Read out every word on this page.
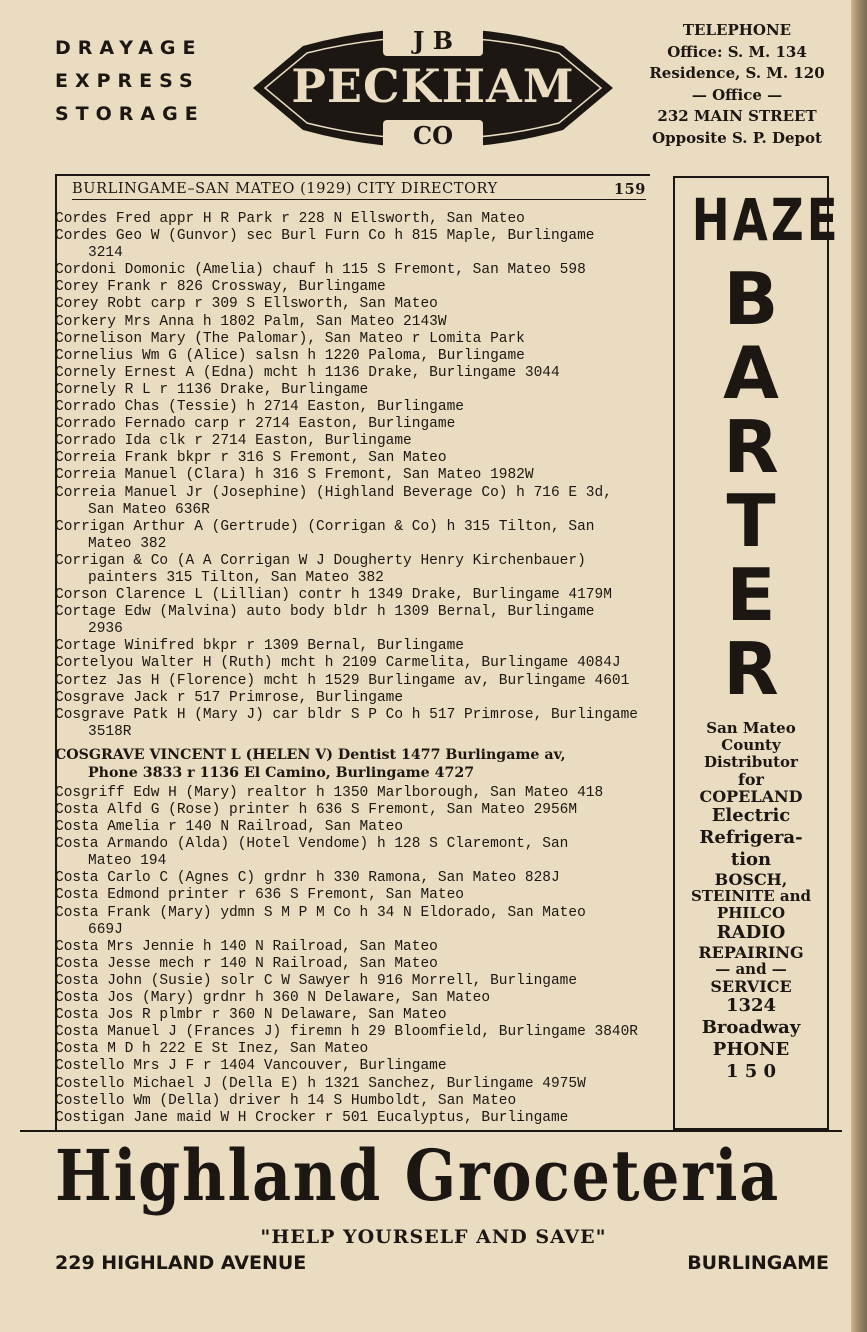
DRAYAGE
EXPRESS
STORAGE
J B
PECKHAM
CO
TELEPHONE
Office: S. M. 134
Residence, S. M. 120
— Office —
232 MAIN STREET
Opposite S. P. Depot
BURLINGAME–SAN MATEO (1929) CITY DIRECTORY	159
Cordes Fred appr H R Park r 228 N Ellsworth, San Mateo
Cordes Geo W (Gunvor) sec Burl Furn Co h 815 Maple, Burlingame
3214
Cordoni Domonic (Amelia) chauf h 115 S Fremont, San Mateo 598
Corey Frank r 826 Crossway, Burlingame
Corey Robt carp r 309 S Ellsworth, San Mateo
Corkery Mrs Anna h 1802 Palm, San Mateo 2143W
Cornelison Mary (The Palomar), San Mateo r Lomita Park
Cornelius Wm G (Alice) salsn h 1220 Paloma, Burlingame
Cornely Ernest A (Edna) mcht h 1136 Drake, Burlingame 3044
Cornely R L r 1136 Drake, Burlingame
Corrado Chas (Tessie) h 2714 Easton, Burlingame
Corrado Fernado carp r 2714 Easton, Burlingame
Corrado Ida clk r 2714 Easton, Burlingame
Correia Frank bkpr r 316 S Fremont, San Mateo
Correia Manuel (Clara) h 316 S Fremont, San Mateo 1982W
Correia Manuel Jr (Josephine) (Highland Beverage Co) h 716 E 3d,
San Mateo 636R
Corrigan Arthur A (Gertrude) (Corrigan & Co) h 315 Tilton, San
Mateo 382
Corrigan & Co (A A Corrigan W J Dougherty Henry Kirchenbauer)
painters 315 Tilton, San Mateo 382
Corson Clarence L (Lillian) contr h 1349 Drake, Burlingame 4179M
Cortage Edw (Malvina) auto body bldr h 1309 Bernal, Burlingame
2936
Cortage Winifred bkpr r 1309 Bernal, Burlingame
Cortelyou Walter H (Ruth) mcht h 2109 Carmelita, Burlingame 4084J
Cortez Jas H (Florence) mcht h 1529 Burlingame av, Burlingame 4601
Cosgrave Jack r 517 Primrose, Burlingame
Cosgrave Patk H (Mary J) car bldr S P Co h 517 Primrose, Burlingame
3518R
COSGRAVE VINCENT L (HELEN V) Dentist 1477 Burlingame av,
Phone 3833 r 1136 El Camino, Burlingame 4727
Cosgriff Edw H (Mary) realtor h 1350 Marlborough, San Mateo 418
Costa Alfd G (Rose) printer h 636 S Fremont, San Mateo 2956M
Costa Amelia r 140 N Railroad, San Mateo
Costa Armando (Alda) (Hotel Vendome) h 128 S Claremont, San
Mateo 194
Costa Carlo C (Agnes C) grdnr h 330 Ramona, San Mateo 828J
Costa Edmond printer r 636 S Fremont, San Mateo
Costa Frank (Mary) ydmn S M P M Co h 34 N Eldorado, San Mateo
669J
Costa Mrs Jennie h 140 N Railroad, San Mateo
Costa Jesse mech r 140 N Railroad, San Mateo
Costa John (Susie) solr C W Sawyer h 916 Morrell, Burlingame
Costa Jos (Mary) grdnr h 360 N Delaware, San Mateo
Costa Jos R plmbr r 360 N Delaware, San Mateo
Costa Manuel J (Frances J) firemn h 29 Bloomfield, Burlingame 3840R
Costa M D h 222 E St Inez, San Mateo
Costello Mrs J F r 1404 Vancouver, Burlingame
Costello Michael J (Della E) h 1321 Sanchez, Burlingame 4975W
Costello Wm (Della) driver h 14 S Humboldt, San Mateo
Costigan Jane maid W H Crocker r 501 Eucalyptus, Burlingame
HAZE
B
A
R
T
E
R
San Mateo
County
Distributor
for
COPELAND
Electric
Refrigera-
tion
BOSCH,
STEINITE and
PHILCO
RADIO
REPAIRING
— and —
SERVICE
1324
Broadway
PHONE
1 5 0
Highland Groceteria
"HELP YOURSELF AND SAVE"
229 HIGHLAND AVENUE	BURLINGAME
